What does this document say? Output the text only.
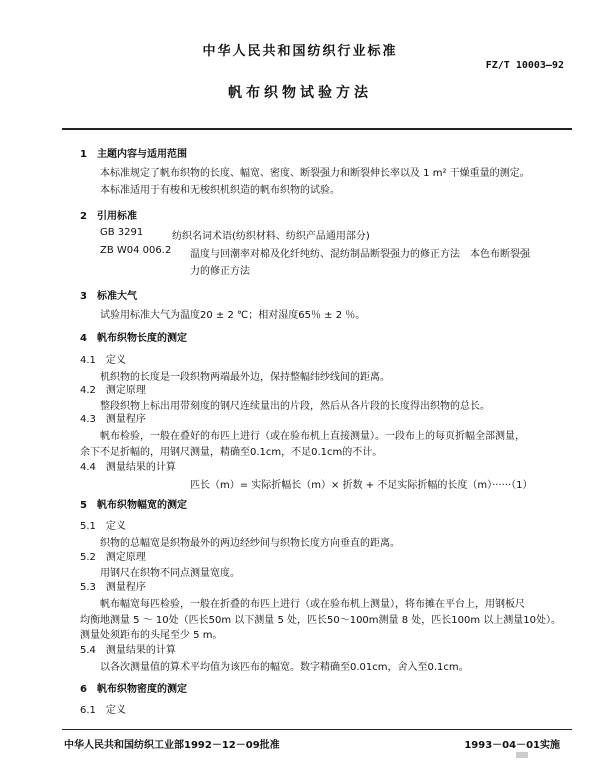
中华人民共和国纺织行业标准
FZ/T 10003—92
帆布织物试验方法
1　主题内容与适用范围
本标准规定了帆布织物的长度、幅宽、密度、断裂强力和断裂伸长率以及 1 m² 干燥重量的测定。
本标准适用于有梭和无梭织机织造的帆布织物的试验。
2　引用标准
GB 3291	纺织名词术语(纺织材料、纺织产品通用部分)
ZB W04 006.2 温度与回潮率对棉及化纤纯纺、混纺制品断裂强力的修正方法　本色布断裂强
力的修正方法
3　标准大气
试验用标准大气为温度20 ± 2 ℃；相对湿度65％ ± 2 ％。
4　帆布织物长度的测定
4.1　定义
机织物的长度是一段织物两端最外边，保持整幅纬纱线间的距离。
4.2　测定原理
整段织物上标出用带刻度的钢尺连续量出的片段，然后从各片段的长度得出织物的总长。
4.3　测量程序
帆布检验，一般在叠好的布匹上进行（或在验布机上直接测量）。一段布上的每页折幅全部测量，
余下不足折幅的，用钢尺测量，精确至0.1cm，不足0.1cm的不计。
4.4　测量结果的计算
匹长（m）= 实际折幅长（m）× 折数 + 不足实际折幅的长度（m）······（1）
5　帆布织物幅宽的测定
5.1　定义
织物的总幅宽是织物最外的两边经纱间与织物长度方向垂直的距离。
5.2　测定原理
用钢尺在织物不同点测量宽度。
5.3　测量程序
帆布幅宽每匹检验，一般在折叠的布匹上进行（或在验布机上测量），将布摊在平台上，用钢板尺
均衡地测量 5 ～ 10处（匹长50m 以下测量 5 处，匹长50～100m测量 8 处，匹长100m 以上测量10处）。
测量处须距布的头尾至少 5 m。
5.4　测量结果的计算
以各次测量值的算术平均值为该匹布的幅宽。数字精确至0.01cm，舍入至0.1cm。
6　帆布织物密度的测定
6.1　定义
中华人民共和国纺织工业部1992－12－09批准	1993－04－01实施
